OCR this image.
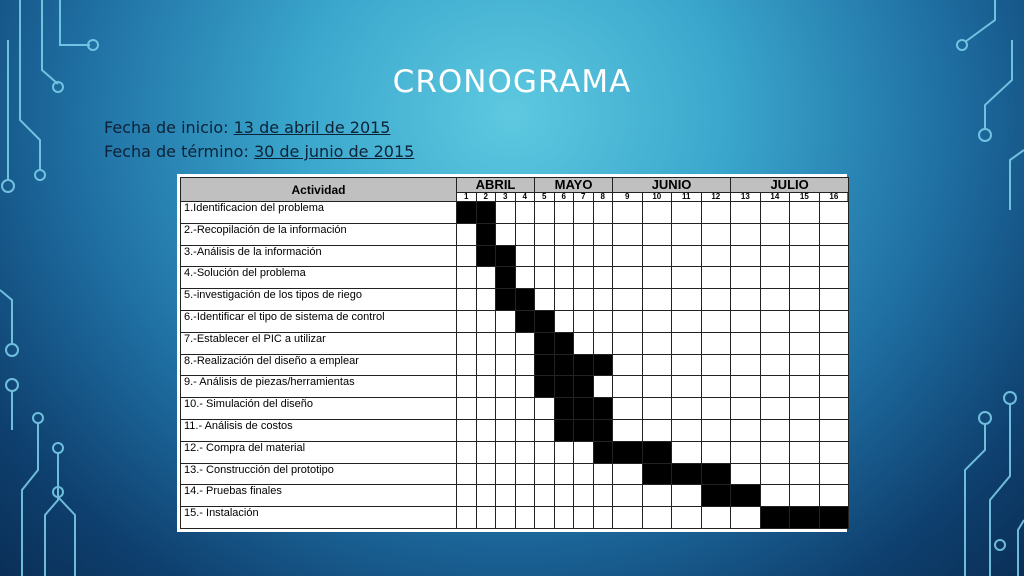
CRONOGRAMA
Fecha de inicio: 13 de abril de 2015
Fecha de término: 30 de junio de 2015
Actividad	ABRIL				MAYO				JUNIO				JULIO			
	1	2	3	4	5	6	7	8	9	10	11	12	13	14	15	16
1.Identificacion del problema																
2.-Recopilación de la información																
3.-Análisis de la información																
4.-Solución del problema																
5.-investigación de los tipos de riego																
6.-Identificar el tipo de sistema de control																
7.-Establecer el PIC a utilizar																
8.-Realización del diseño a emplear																
9.- Análisis de piezas/herramientas																
10.- Simulación del diseño																
11.- Análisis de costos																
12.- Compra del material																
13.- Construcción del prototipo																
14.- Pruebas finales																
15.- Instalación																
